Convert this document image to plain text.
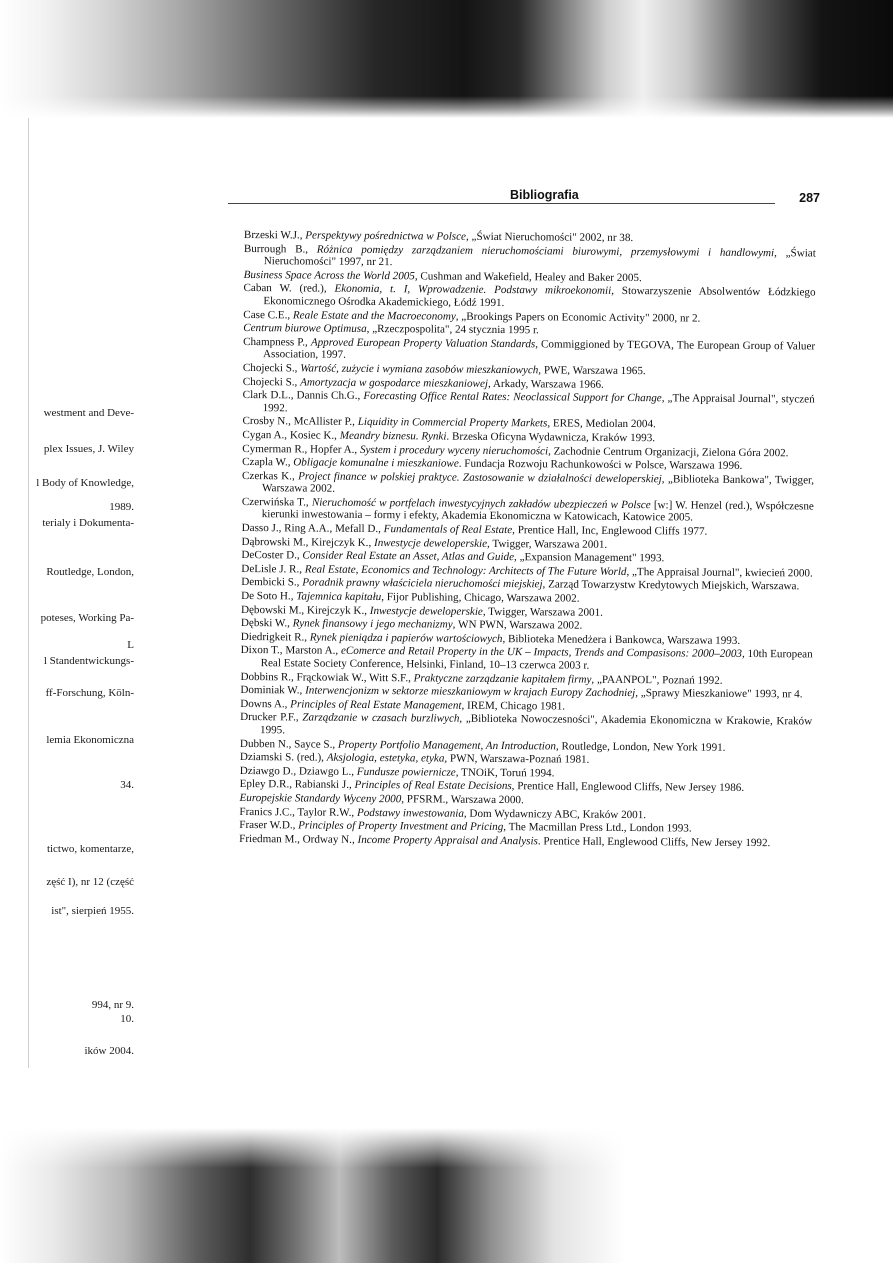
westment and Deve-
plex Issues, J. Wiley
l Body of Knowledge,
1989.
terialy i Dokumenta-
Routledge, London,
poteses, Working Pa-
L
l Standentwickungs-
ff-Forschung, Köln-
lemia Ekonomiczna
34.
tictwo, komentarze,
zęść I), nr 12 (część
ist", sierpień 1955.
994, nr 9.
10.
ików 2004.
Bibliografia	287
Brzeski W.J., Perspektywy pośrednictwa w Polsce, „Świat Nieruchomości" 2002, nr 38.
Burrough B., Różnica pomiędzy zarządzaniem nieruchomościami biurowymi, przemysłowymi i handlowymi, „Świat Nieruchomości" 1997, nr 21.
Business Space Across the World 2005, Cushman and Wakefield, Healey and Baker 2005.
Caban W. (red.), Ekonomia, t. I, Wprowadzenie. Podstawy mikroekonomii, Stowarzyszenie Absolwentów Łódzkiego Ekonomicznego Ośrodka Akademickiego, Łódź 1991.
Case C.E., Reale Estate and the Macroeconomy, „Brookings Papers on Economic Activity" 2000, nr 2.
Centrum biurowe Optimusa, „Rzeczpospolita", 24 stycznia 1995 r.
Champness P., Approved European Property Valuation Standards, Commiggioned by TEGOVA, The European Group of Valuer Association, 1997.
Chojecki S., Wartość, zużycie i wymiana zasobów mieszkaniowych, PWE, Warszawa 1965.
Chojecki S., Amortyzacja w gospodarce mieszkaniowej, Arkady, Warszawa 1966.
Clark D.L., Dannis Ch.G., Forecasting Office Rental Rates: Neoclassical Support for Change, „The Appraisal Journal", styczeń 1992.
Crosby N., McAllister P., Liquidity in Commercial Property Markets, ERES, Mediolan 2004.
Cygan A., Kosiec K., Meandry biznesu. Rynki. Brzeska Oficyna Wydawnicza, Kraków 1993.
Cymerman R., Hopfer A., System i procedury wyceny nieruchomości, Zachodnie Centrum Organizacji, Zielona Góra 2002.
Czapla W., Obligacje komunalne i mieszkaniowe. Fundacja Rozwoju Rachunkowości w Polsce, Warszawa 1996.
Czerkas K., Project finance w polskiej praktyce. Zastosowanie w działalności deweloperskiej, „Biblioteka Bankowa", Twigger, Warszawa 2002.
Czerwińska T., Nieruchomość w portfelach inwestycyjnych zakładów ubezpieczeń w Polsce [w:] W. Henzel (red.), Współczesne kierunki inwestowania – formy i efekty, Akademia Ekonomiczna w Katowicach, Katowice 2005.
Dasso J., Ring A.A., Mefall D., Fundamentals of Real Estate, Prentice Hall, Inc, Englewood Cliffs 1977.
Dąbrowski M., Kirejczyk K., Inwestycje deweloperskie, Twigger, Warszawa 2001.
DeCoster D., Consider Real Estate an Asset, Atlas and Guide, „Expansion Management" 1993.
DeLisle J. R., Real Estate, Economics and Technology: Architects of The Future World, „The Appraisal Journal", kwiecień 2000.
Dembicki S., Poradnik prawny właściciela nieruchomości miejskiej, Zarząd Towarzystw Kredytowych Miejskich, Warszawa.
De Soto H., Tajemnica kapitału, Fijor Publishing, Chicago, Warszawa 2002.
Dębowski M., Kirejczyk K., Inwestycje deweloperskie, Twigger, Warszawa 2001.
Dębski W., Rynek finansowy i jego mechanizmy, WN PWN, Warszawa 2002.
Diedrigkeit R., Rynek pieniądza i papierów wartościowych, Biblioteka Menedżera i Bankowca, Warszawa 1993.
Dixon T., Marston A., eComerce and Retail Property in the UK – Impacts, Trends and Compasisons: 2000–2003, 10th European Real Estate Society Conference, Helsinki, Finland, 10–13 czerwca 2003 r.
Dobbins R., Frąckowiak W., Witt S.F., Praktyczne zarządzanie kapitałem firmy, „PAANPOL", Poznań 1992.
Dominiak W., Interwencjonizm w sektorze mieszkaniowym w krajach Europy Zachodniej, „Sprawy Mieszkaniowe" 1993, nr 4.
Downs A., Principles of Real Estate Management, IREM, Chicago 1981.
Drucker P.F., Zarządzanie w czasach burzliwych, „Biblioteka Nowoczesności", Akademia Ekonomiczna w Krakowie, Kraków 1995.
Dubben N., Sayce S., Property Portfolio Management, An Introduction, Routledge, London, New York 1991.
Dziamski S. (red.), Aksjologia, estetyka, etyka, PWN, Warszawa-Poznań 1981.
Dziawgo D., Dziawgo L., Fundusze powiernicze, TNOiK, Toruń 1994.
Epley D.R., Rabianski J., Principles of Real Estate Decisions, Prentice Hall, Englewood Cliffs, New Jersey 1986.
Europejskie Standardy Wyceny 2000, PFSRM., Warszawa 2000.
Franics J.C., Taylor R.W., Podstawy inwestowania, Dom Wydawniczy ABC, Kraków 2001.
Fraser W.D., Principles of Property Investment and Pricing, The Macmillan Press Ltd., London 1993.
Friedman M., Ordway N., Income Property Appraisal and Analysis. Prentice Hall, Englewood Cliffs, New Jersey 1992.
